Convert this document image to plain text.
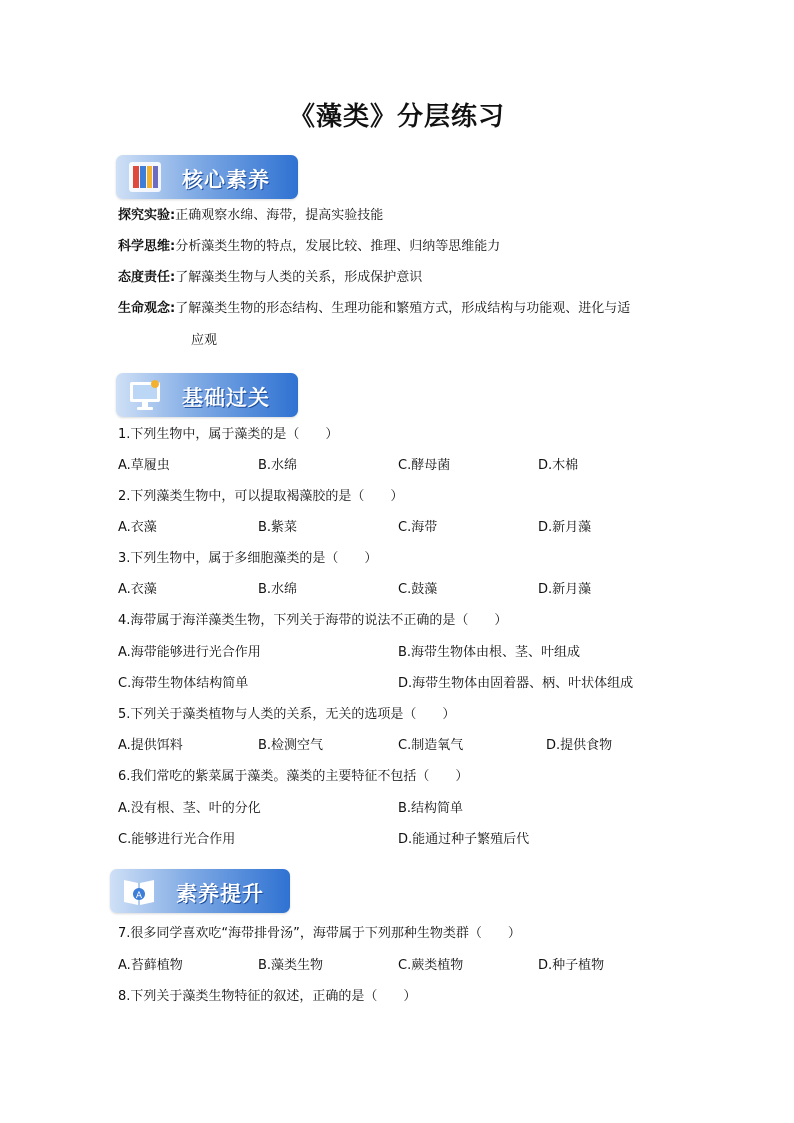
《藻类》分层练习
核心素养
探究实验:正确观察水绵、海带，提高实验技能
科学思维:分析藻类生物的特点，发展比较、推理、归纳等思维能力
态度责任:了解藻类生物与人类的关系，形成保护意识
生命观念:了解藻类生物的形态结构、生理功能和繁殖方式，形成结构与功能观、进化与适
应观
基础过关
1.下列生物中，属于藻类的是（　　）
A.草履虫	B.水绵	C.酵母菌	D.木棉
2.下列藻类生物中，可以提取褐藻胶的是（　　）
A.衣藻	B.紫菜	C.海带	D.新月藻
3.下列生物中，属于多细胞藻类的是（　　）
A.衣藻	B.水绵	C.鼓藻	D.新月藻
4.海带属于海洋藻类生物，下列关于海带的说法不正确的是（　　）
A.海带能够进行光合作用	B.海带生物体由根、茎、叶组成
C.海带生物体结构简单	D.海带生物体由固着器、柄、叶状体组成
5.下列关于藻类植物与人类的关系，无关的选项是（　　）
A.提供饵料	B.检测空气	C.制造氧气	D.提供食物
6.我们常吃的紫菜属于藻类。藻类的主要特征不包括（　　）
A.没有根、茎、叶的分化	B.结构简单
C.能够进行光合作用	D.能通过种子繁殖后代
A 素养提升
7.很多同学喜欢吃“海带排骨汤”，海带属于下列那种生物类群（　　）
A.苔藓植物	B.藻类生物	C.蕨类植物	D.种子植物
8.下列关于藻类生物特征的叙述，正确的是（　　）
